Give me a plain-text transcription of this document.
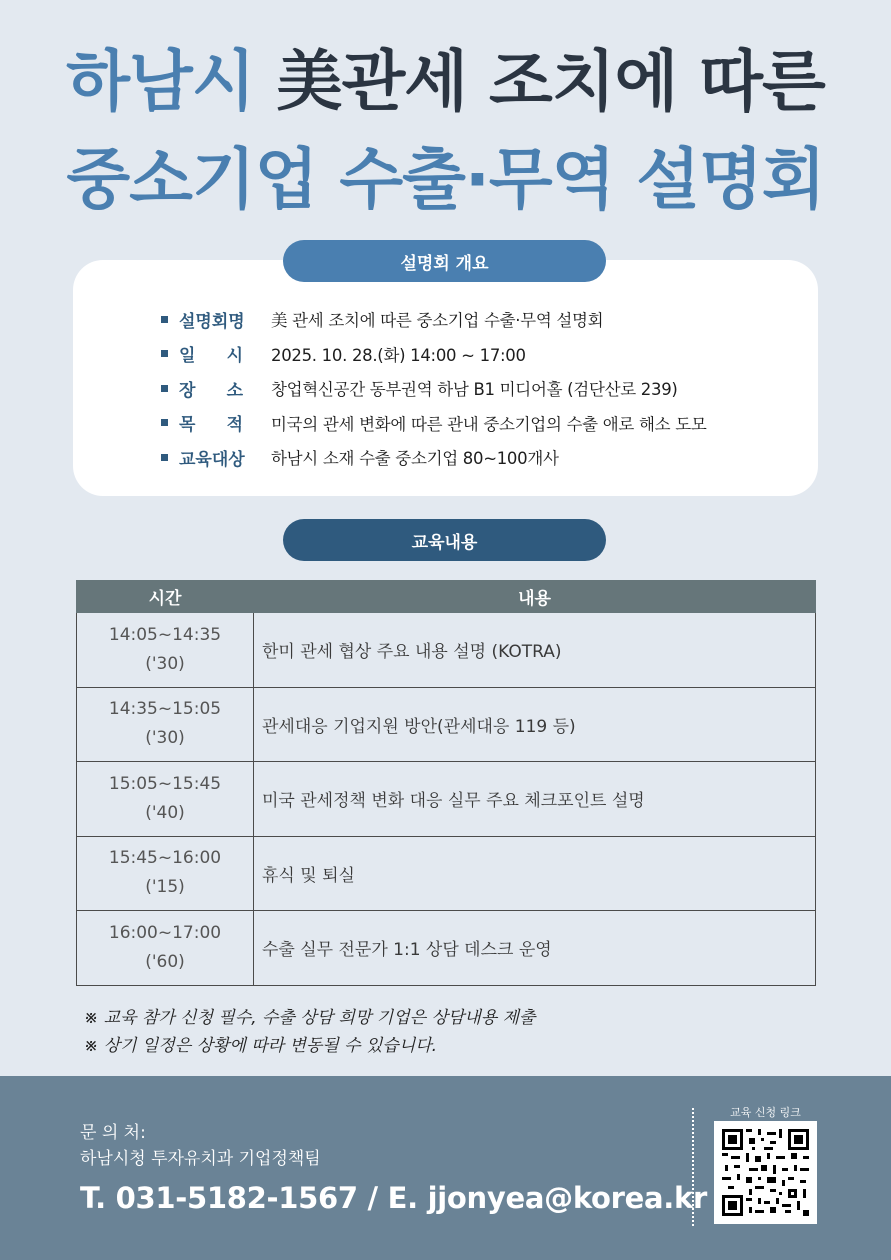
하남시 美관세 조치에 따른
중소기업 수출·무역 설명회
설명회 개요
설명회명 美 관세 조치에 따른 중소기업 수출·무역 설명회
일 시 2025. 10. 28.(화) 14:00 ~ 17:00
장 소 창업혁신공간 동부권역 하남 B1 미디어홀 (검단산로 239)
목 적 미국의 관세 변화에 따른 관내 중소기업의 수출 애로 해소 도모
교육대상 하남시 소재 수출 중소기업 80~100개사
교육내용
시간	내용

14:05~14:35
('30)	한미 관세 협상 주요 내용 설명 (KOTRA)

14:35~15:05
('30)	관세대응 기업지원 방안(관세대응 119 등)

15:05~15:45
('40)	미국 관세정책 변화 대응 실무 주요 체크포인트 설명

15:45~16:00
('15)	휴식 및 퇴실

16:00~17:00
('60)	수출 실무 전문가 1:1 상담 데스크 운영
※ 교육 참가 신청 필수, 수출 상담 희망 기업은 상담내용 제출
※ 상기 일정은 상황에 따라 변동될 수 있습니다.
문 의 처:
하남시청 투자유치과 기업정책팀
T. 031-5182-1567 / E. jjonyea@korea.kr
교육 신청 링크
